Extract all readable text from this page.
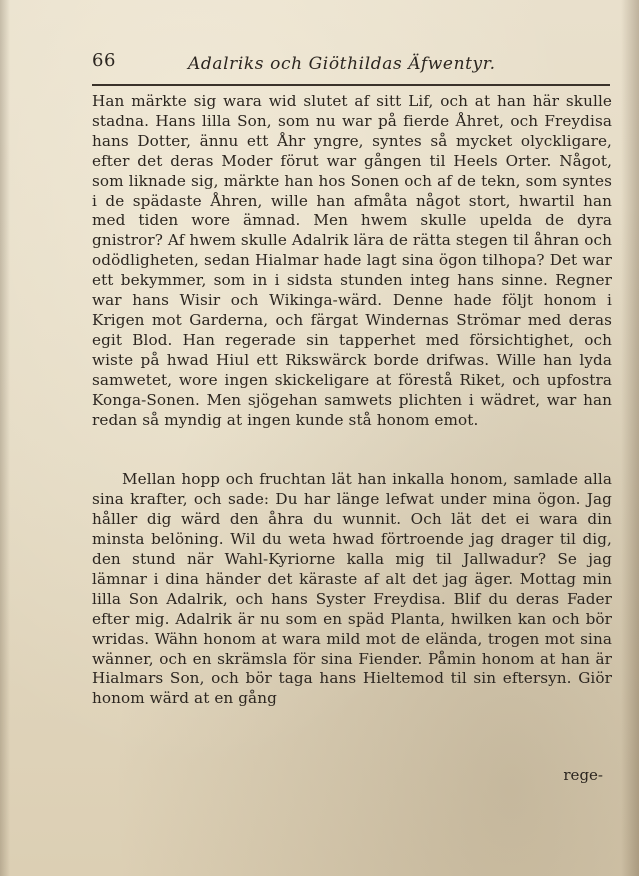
66	Adalriks och Giöthildas Äfwentyr.

Han märkte sig wara wid slutet af sitt Lif, och at han här skulle stadna. Hans lilla Son, som nu war på fierde Åhret, och Freydisa hans Dotter, ännu ett Åhr yngre, syntes så mycket olyckligare, efter det deras Moder förut war gången til Heels Orter. Något, som liknade sig, märkte han hos Sonen och af de tekn, som syntes i de spädaste Åhren, wille han afmåta något stort, hwartil han med tiden wore ämnad. Men hwem skulle upelda de dyra gnistror? Af hwem skulle Adalrik lära de rätta stegen til åhran och odödligheten, sedan Hialmar hade lagt sina ögon tilhopa? Det war ett bekymmer, som in i sidsta stunden integ hans sinne. Regner war hans Wisir och Wikinga-wärd. Denne hade följt honom i Krigen mot Garderna, och färgat Windernas Strömar med deras egit Blod. Han regerade sin tapperhet med försichtighet, och wiste på hwad Hiul ett Rikswärck borde drifwas. Wille han lyda samwetet, wore ingen skickeligare at förestå Riket, och upfostra Konga-Sonen. Men sjögehan samwets plichten i wädret, war han redan så myndig at ingen kunde stå honom emot.

Mellan hopp och fruchtan lät han inkalla honom, samlade alla sina krafter, och sade: Du har länge lefwat under mina ögon. Jag håller dig wärd den åhra du wunnit. Och lät det ei wara din minsta belöning. Wil du weta hwad förtroende jag drager til dig, den stund när Wahl-Kyriorne kalla mig til Jallwadur? Se jag lämnar i dina händer det käraste af alt det jag äger. Mottag min lilla Son Adalrik, och hans Syster Freydisa. Blif du deras Fader efter mig. Adalrik är nu som en späd Planta, hwilken kan och bör wridas. Wähn honom at wara mild mot de elända, trogen mot sina wänner, och en skrämsla för sina Fiender. Påmin honom at han är Hialmars Son, och bör taga hans Hieltemod til sin eftersyn. Giör honom wärd at en gång

rege-
